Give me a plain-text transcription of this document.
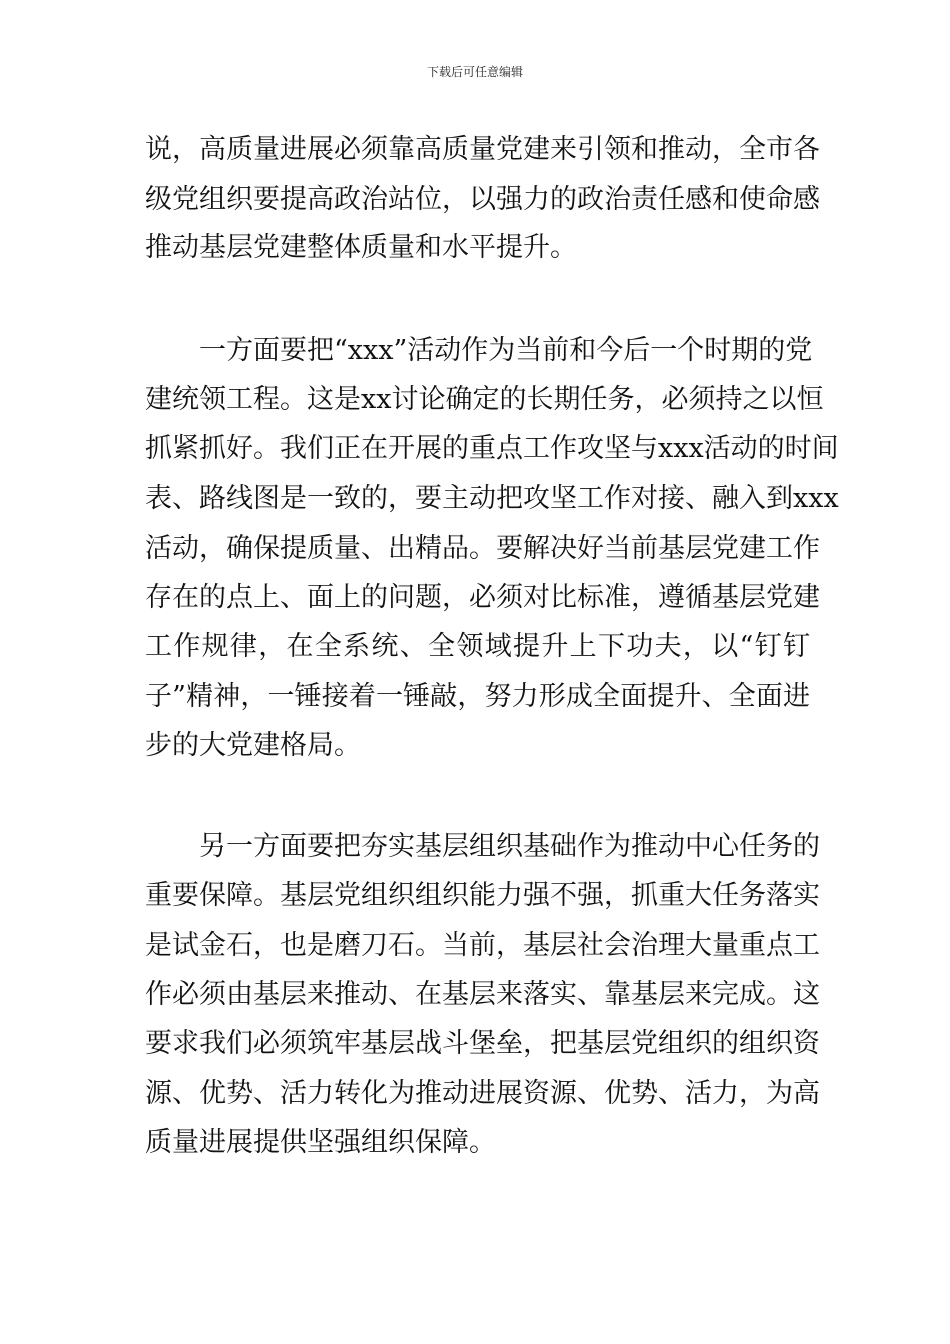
下载后可任意编辑
说，高质量进展必须靠高质量党建来引领和推动，全市各
级党组织要提高政治站位，以强力的政治责任感和使命感
推动基层党建整体质量和水平提升。
一方面要把“xxx”活动作为当前和今后一个时期的党
建统领工程。这是xx讨论确定的长期任务，必须持之以恒
抓紧抓好。我们正在开展的重点工作攻坚与xxx活动的时间
表、路线图是一致的，要主动把攻坚工作对接、融入到xxx
活动，确保提质量、出精品。要解决好当前基层党建工作
存在的点上、面上的问题，必须对比标准，遵循基层党建
工作规律，在全系统、全领域提升上下功夫，以“钉钉
子”精神，一锤接着一锤敲，努力形成全面提升、全面进
步的大党建格局。
另一方面要把夯实基层组织基础作为推动中心任务的
重要保障。基层党组织组织能力强不强，抓重大任务落实
是试金石，也是磨刀石。当前，基层社会治理大量重点工
作必须由基层来推动、在基层来落实、靠基层来完成。这
要求我们必须筑牢基层战斗堡垒，把基层党组织的组织资
源、优势、活力转化为推动进展资源、优势、活力，为高
质量进展提供坚强组织保障。
